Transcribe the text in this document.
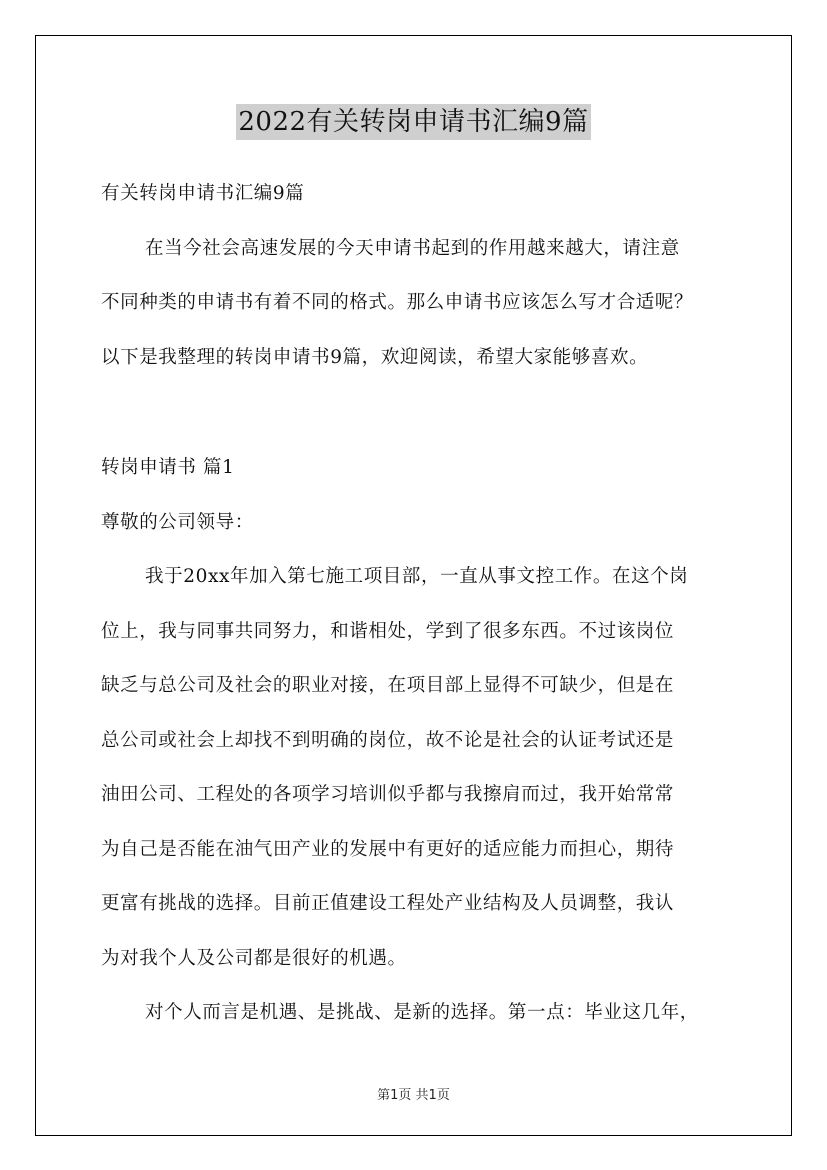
2022有关转岗申请书汇编9篇
有关转岗申请书汇编9篇
在当今社会高速发展的今天申请书起到的作用越来越大，请注意
不同种类的申请书有着不同的格式。那么申请书应该怎么写才合适呢？
以下是我整理的转岗申请书9篇，欢迎阅读，希望大家能够喜欢。
转岗申请书 篇1
尊敬的公司领导：
我于20xx年加入第七施工项目部，一直从事文控工作。在这个岗
位上，我与同事共同努力，和谐相处，学到了很多东西。不过该岗位
缺乏与总公司及社会的职业对接，在项目部上显得不可缺少，但是在
总公司或社会上却找不到明确的岗位，故不论是社会的认证考试还是
油田公司、工程处的各项学习培训似乎都与我擦肩而过，我开始常常
为自己是否能在油气田产业的发展中有更好的适应能力而担心，期待
更富有挑战的选择。目前正值建设工程处产业结构及人员调整，我认
为对我个人及公司都是很好的机遇。
对个人而言是机遇、是挑战、是新的选择。第一点：毕业这几年，
第1页 共1页
